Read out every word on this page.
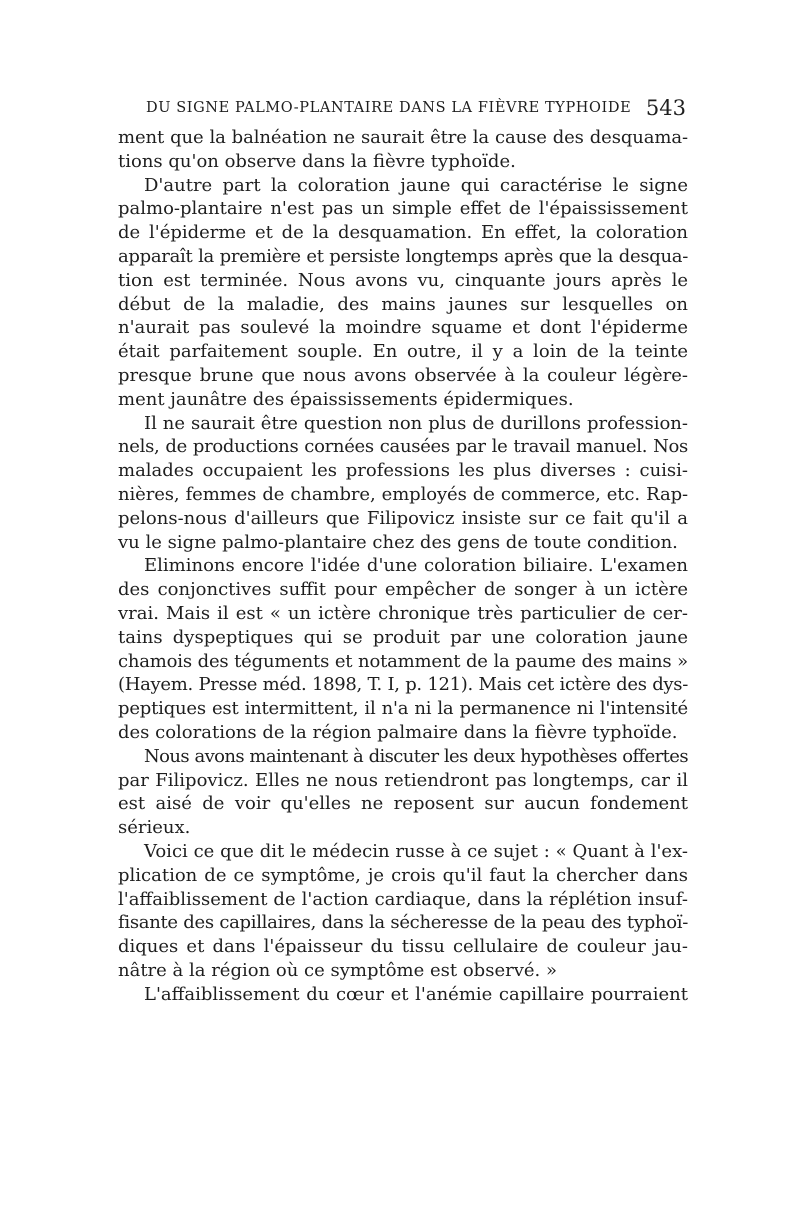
DU SIGNE PALMO-PLANTAIRE DANS LA FIÈVRE TYPHOIDE 543
ment que la balnéation ne saurait être la cause des desquama-
tions qu'on observe dans la fièvre typhoïde.
D'autre part la coloration jaune qui caractérise le signe
palmo-plantaire n'est pas un simple effet de l'épaississement
de l'épiderme et de la desquamation. En effet, la coloration
apparaît la première et persiste longtemps après que la desqua-
tion est terminée. Nous avons vu, cinquante jours après le
début de la maladie, des mains jaunes sur lesquelles on
n'aurait pas soulevé la moindre squame et dont l'épiderme
était parfaitement souple. En outre, il y a loin de la teinte
presque brune que nous avons observée à la couleur légère-
ment jaunâtre des épaississements épidermiques.
Il ne saurait être question non plus de durillons profession-
nels, de productions cornées causées par le travail manuel. Nos
malades occupaient les professions les plus diverses : cuisi-
nières, femmes de chambre, employés de commerce, etc. Rap-
pelons-nous d'ailleurs que Filipovicz insiste sur ce fait qu'il a
vu le signe palmo-plantaire chez des gens de toute condition.
Eliminons encore l'idée d'une coloration biliaire. L'examen
des conjonctives suffit pour empêcher de songer à un ictère
vrai. Mais il est « un ictère chronique très particulier de cer-
tains dyspeptiques qui se produit par une coloration jaune
chamois des téguments et notamment de la paume des mains »
(Hayem. Presse méd. 1898, T. I, p. 121). Mais cet ictère des dys-
peptiques est intermittent, il n'a ni la permanence ni l'intensité
des colorations de la région palmaire dans la fièvre typhoïde.
Nous avons maintenant à discuter les deux hypothèses offertes
par Filipovicz. Elles ne nous retiendront pas longtemps, car il
est aisé de voir qu'elles ne reposent sur aucun fondement
sérieux.
Voici ce que dit le médecin russe à ce sujet : « Quant à l'ex-
plication de ce symptôme, je crois qu'il faut la chercher dans
l'affaiblissement de l'action cardiaque, dans la réplétion insuf-
fisante des capillaires, dans la sécheresse de la peau des typhoï-
diques et dans l'épaisseur du tissu cellulaire de couleur jau-
nâtre à la région où ce symptôme est observé. »
L'affaiblissement du cœur et l'anémie capillaire pourraient
